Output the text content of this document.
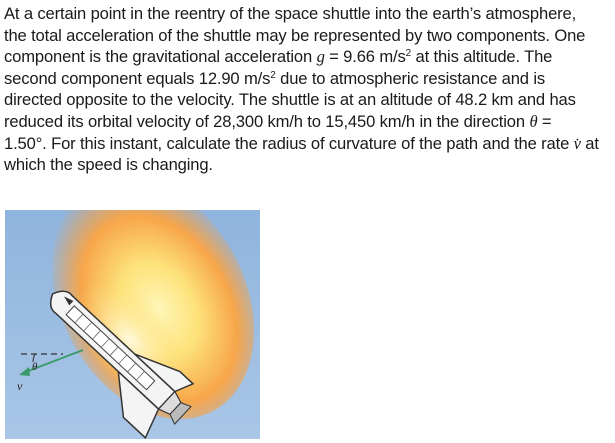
At a certain point in the reentry of the space shuttle into the earth’s atmosphere,
the total acceleration of the shuttle may be represented by two components. One
component is the gravitational acceleration g = 9.66 $m/s^2$ at this altitude. The
second component equals 12.90 $m/s^2$ due to atmospheric resistance and is
directed opposite to the velocity. The shuttle is at an altitude of 48.2 km and has
reduced its orbital velocity of 28,300 km/h to 15,450 km/h in the direction θ =
1.50°. For this instant, calculate the radius of curvature of the path and the rate v̇ at
which the speed is changing.
θ
v
